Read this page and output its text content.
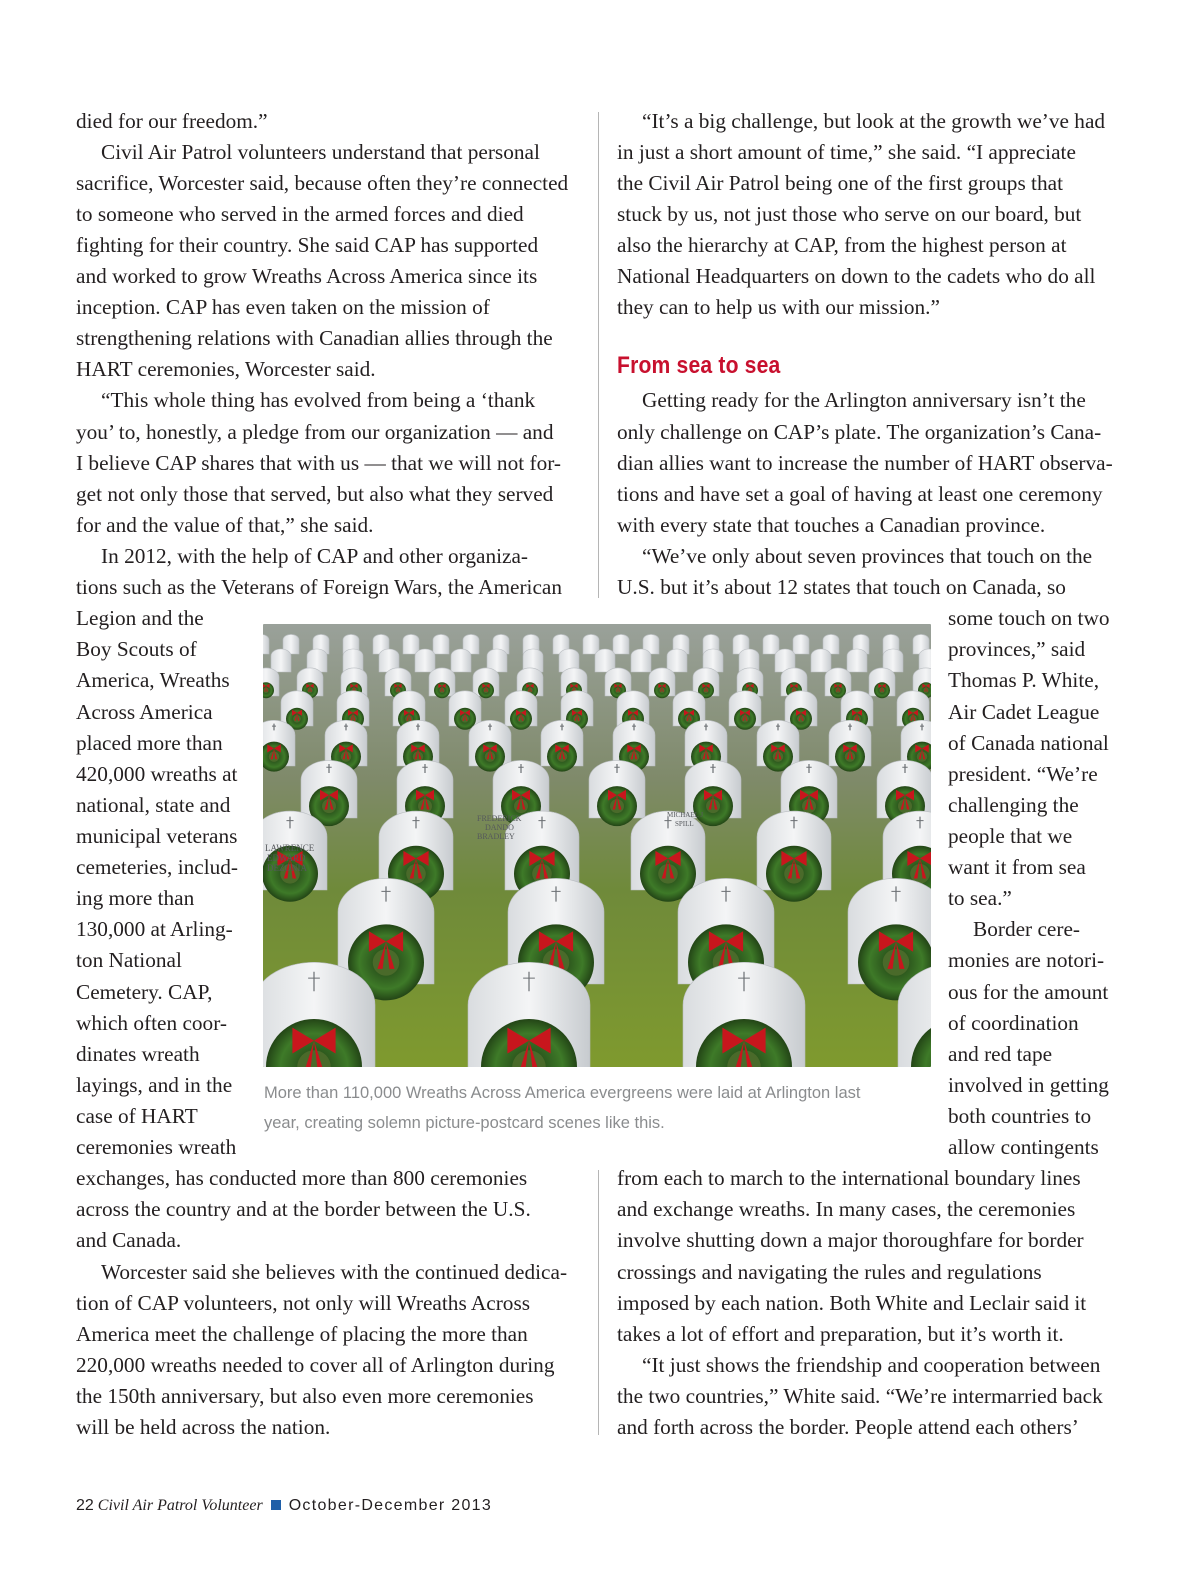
died for our freedom.”
Civil Air Patrol volunteers understand that personal
sacrifice, Worcester said, because often they’re connected
to someone who served in the armed forces and died
fighting for their country. She said CAP has supported
and worked to grow Wreaths Across America since its
inception. CAP has even taken on the mission of
strengthening relations with Canadian allies through the
HART ceremonies, Worcester said.
“This whole thing has evolved from being a ‘thank
you’ to, honestly, a pledge from our organization — and
I believe CAP shares that with us — that we will not for-
get not only those that served, but also what they served
for and the value of that,” she said.
In 2012, with the help of CAP and other organiza-
tions such as the Veterans of Foreign Wars, the American
Legion and the
Boy Scouts of
America, Wreaths
Across America
placed more than
420,000 wreaths at
national, state and
municipal veterans
cemeteries, includ-
ing more than
130,000 at Arling-
ton National
Cemetery. CAP,
which often coor-
dinates wreath
layings, and in the
case of HART
ceremonies wreath
exchanges, has conducted more than 800 ceremonies
across the country and at the border between the U.S.
and Canada.
Worcester said she believes with the continued dedica-
tion of CAP volunteers, not only will Wreaths Across
America meet the challenge of placing the more than
220,000 wreaths needed to cover all of Arlington during
the 150th anniversary, but also even more ceremonies
will be held across the nation.
“It’s a big challenge, but look at the growth we’ve had
in just a short amount of time,” she said. “I appreciate
the Civil Air Patrol being one of the first groups that
stuck by us, not just those who serve on our board, but
also the hierarchy at CAP, from the highest person at
National Headquarters on down to the cadets who do all
they can to help us with our mission.”
From sea to sea
Getting ready for the Arlington anniversary isn’t the
only challenge on CAP’s plate. The organization’s Cana-
dian allies want to increase the number of HART observa-
tions and have set a goal of having at least one ceremony
with every state that touches a Canadian province.
“We’ve only about seven provinces that touch on the
U.S. but it’s about 12 states that touch on Canada, so
some touch on two
provinces,” said
Thomas P. White,
Air Cadet League
of Canada national
president. “We’re
challenging the
people that we
want it from sea
to sea.”
Border cere-
monies are notori-
ous for the amount
of coordination
and red tape
involved in getting
both countries to
allow contingents
from each to march to the international boundary lines
and exchange wreaths. In many cases, the ceremonies
involve shutting down a major thoroughfare for border
crossings and navigating the rules and regulations
imposed by each nation. Both White and Leclair said it
takes a lot of effort and preparation, but it’s worth it.
“It just shows the friendship and cooperation between
the two countries,” White said. “We’re intermarried back
and forth across the border. People attend each others’
LAWRENCE
EDWARD
DEZONIA
FREDERICK
DANDO
BRADLEY
MICHAEL J
SPILL
More than 110,000 Wreaths Across America evergreens were laid at Arlington last
year, creating solemn picture-postcard scenes like this.
22 Civil Air Patrol Volunteer October-December 2013
